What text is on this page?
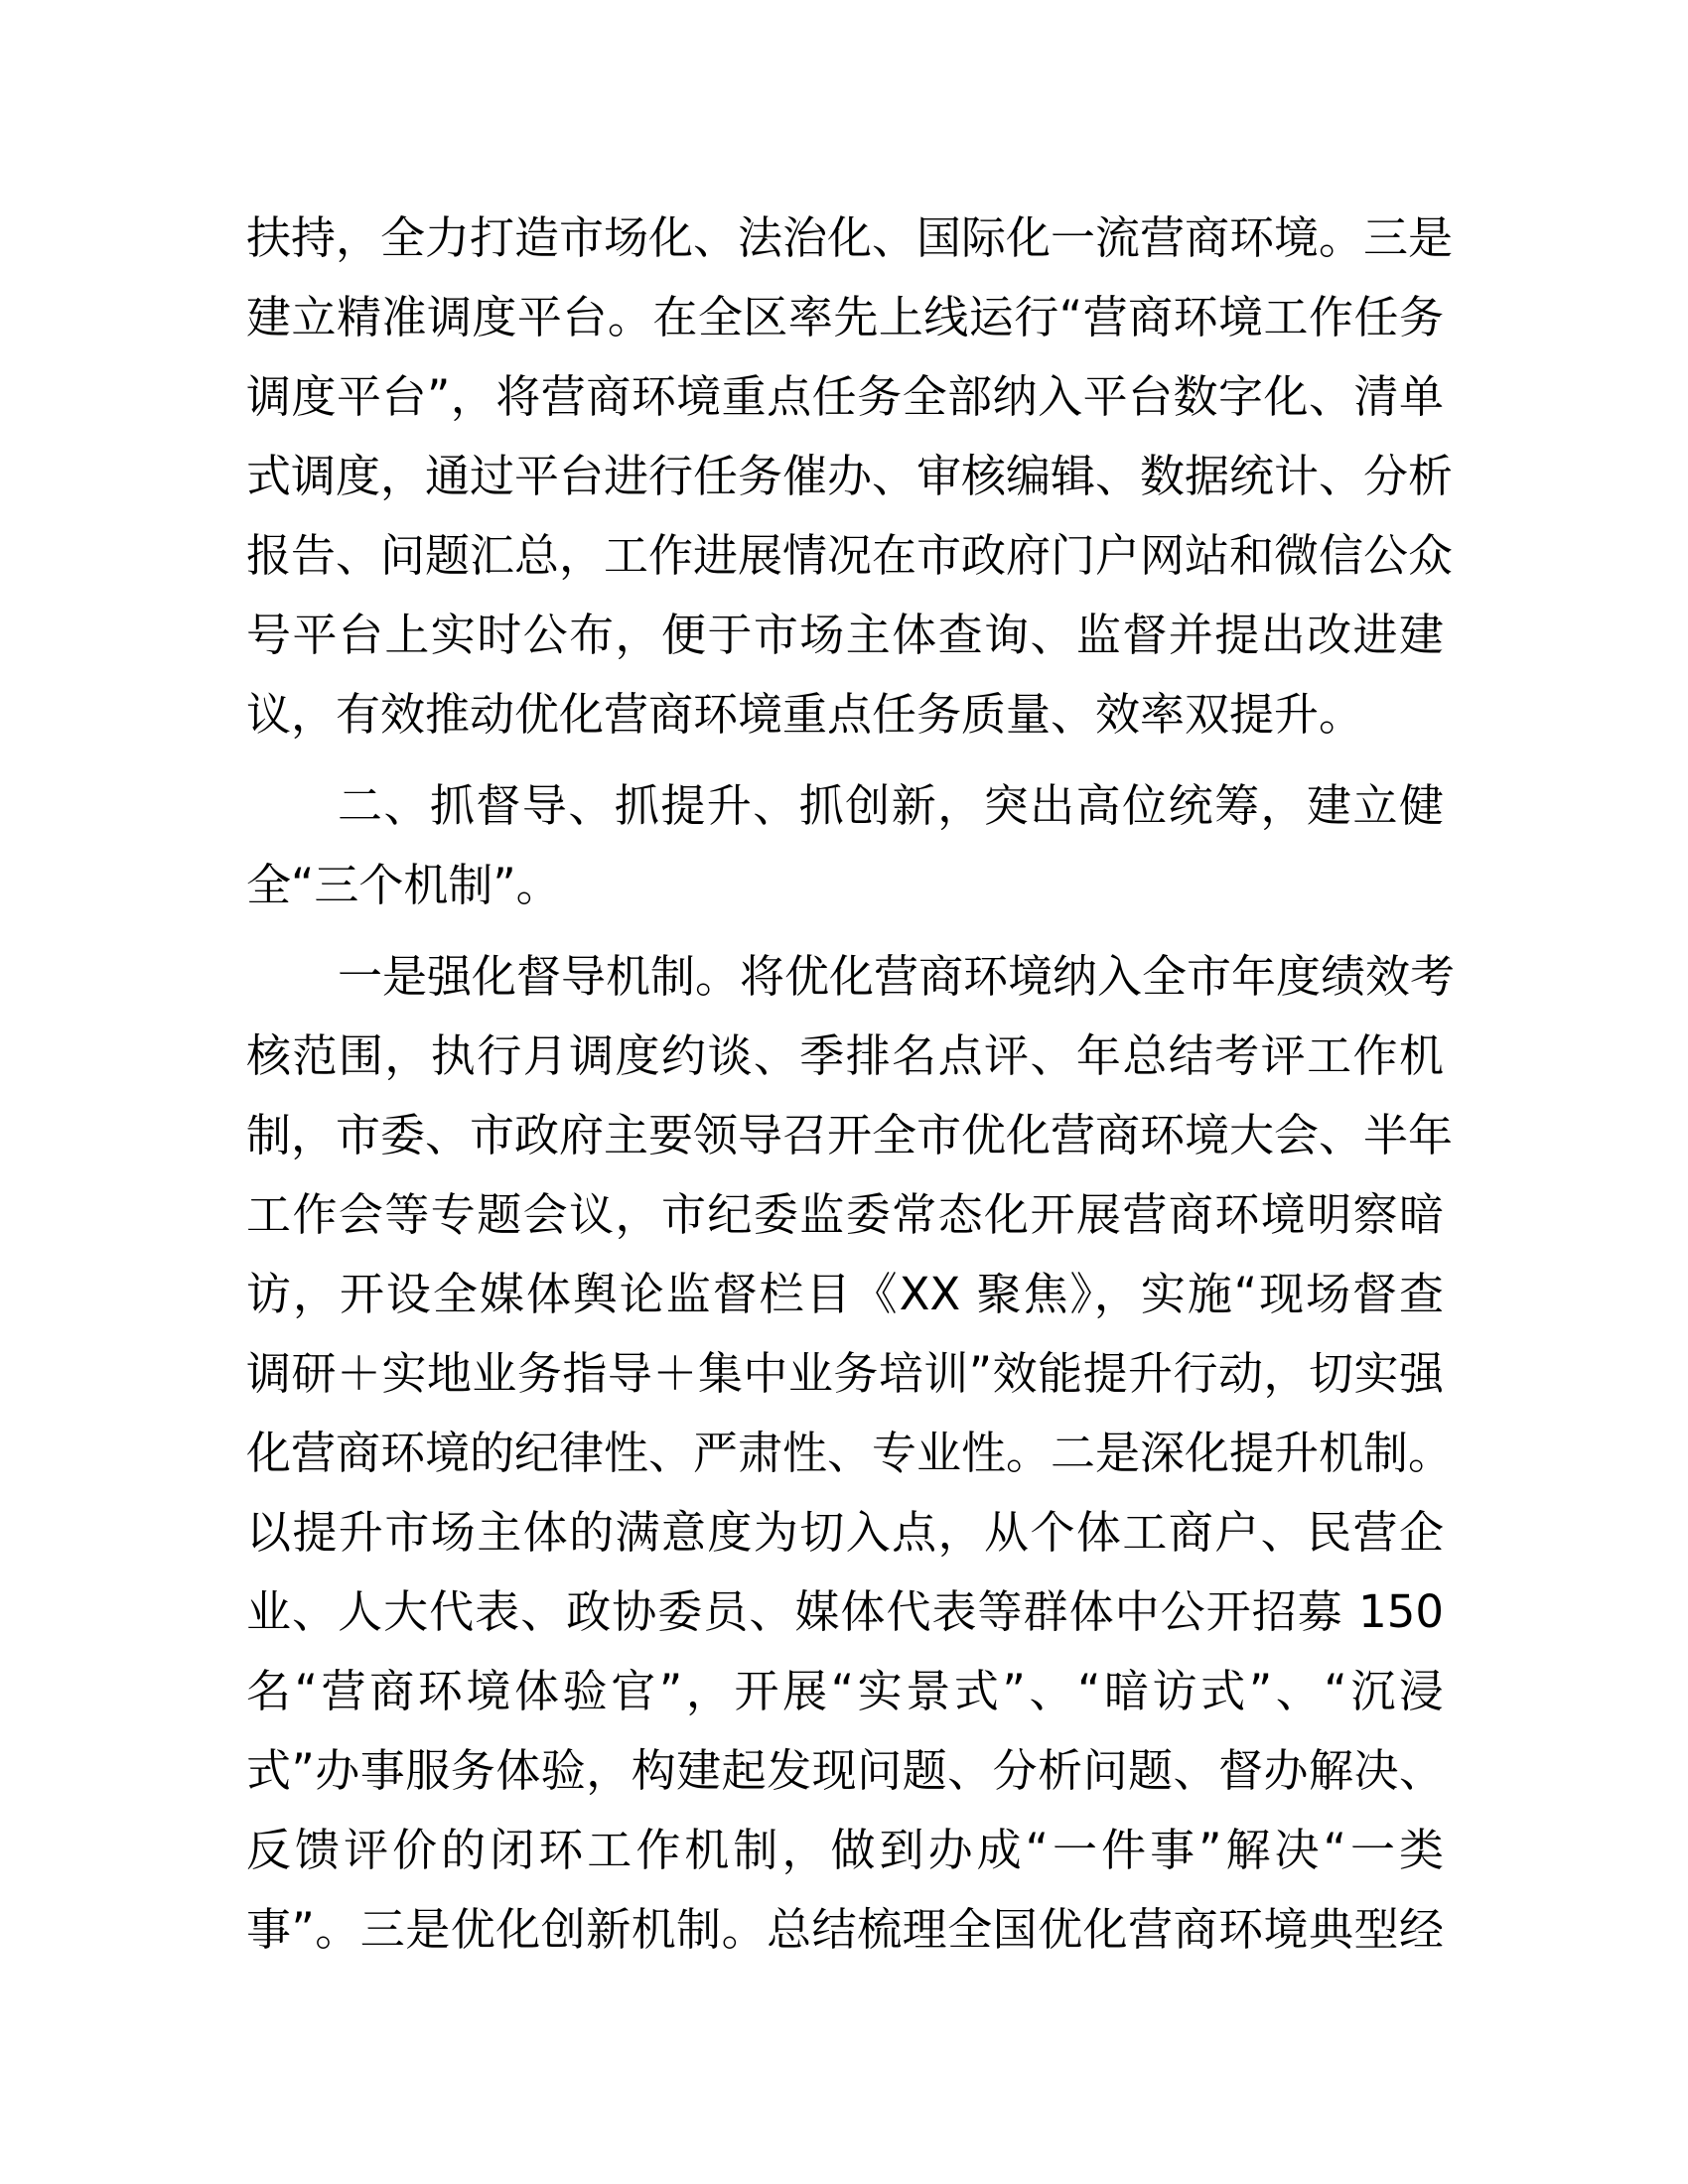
扶持，全力打造市场化、法治化、国际化一流营商环境。三是
建立精准调度平台。在全区率先上线运行“营商环境工作任务
调度平台”，将营商环境重点任务全部纳入平台数字化、清单
式调度，通过平台进行任务催办、审核编辑、数据统计、分析
报告、问题汇总，工作进展情况在市政府门户网站和微信公众
号平台上实时公布，便于市场主体查询、监督并提出改进建
议，有效推动优化营商环境重点任务质量、效率双提升。
二、抓督导、抓提升、抓创新，突出高位统筹，建立健
全“三个机制”。
一是强化督导机制。将优化营商环境纳入全市年度绩效考
核范围，执行月调度约谈、季排名点评、年总结考评工作机
制，市委、市政府主要领导召开全市优化营商环境大会、半年
工作会等专题会议，市纪委监委常态化开展营商环境明察暗
访，开设全媒体舆论监督栏目《XX 聚焦》，实施“现场督查
调研＋实地业务指导＋集中业务培训”效能提升行动，切实强
化营商环境的纪律性、严肃性、专业性。二是深化提升机制。
以提升市场主体的满意度为切入点，从个体工商户、民营企
业、人大代表、政协委员、媒体代表等群体中公开招募 150
名“营商环境体验官”，开展“实景式”、“暗访式”、“沉浸
式”办事服务体验，构建起发现问题、分析问题、督办解决、
反馈评价的闭环工作机制，做到办成“一件事”解决“一类
事”。三是优化创新机制。总结梳理全国优化营商环境典型经
